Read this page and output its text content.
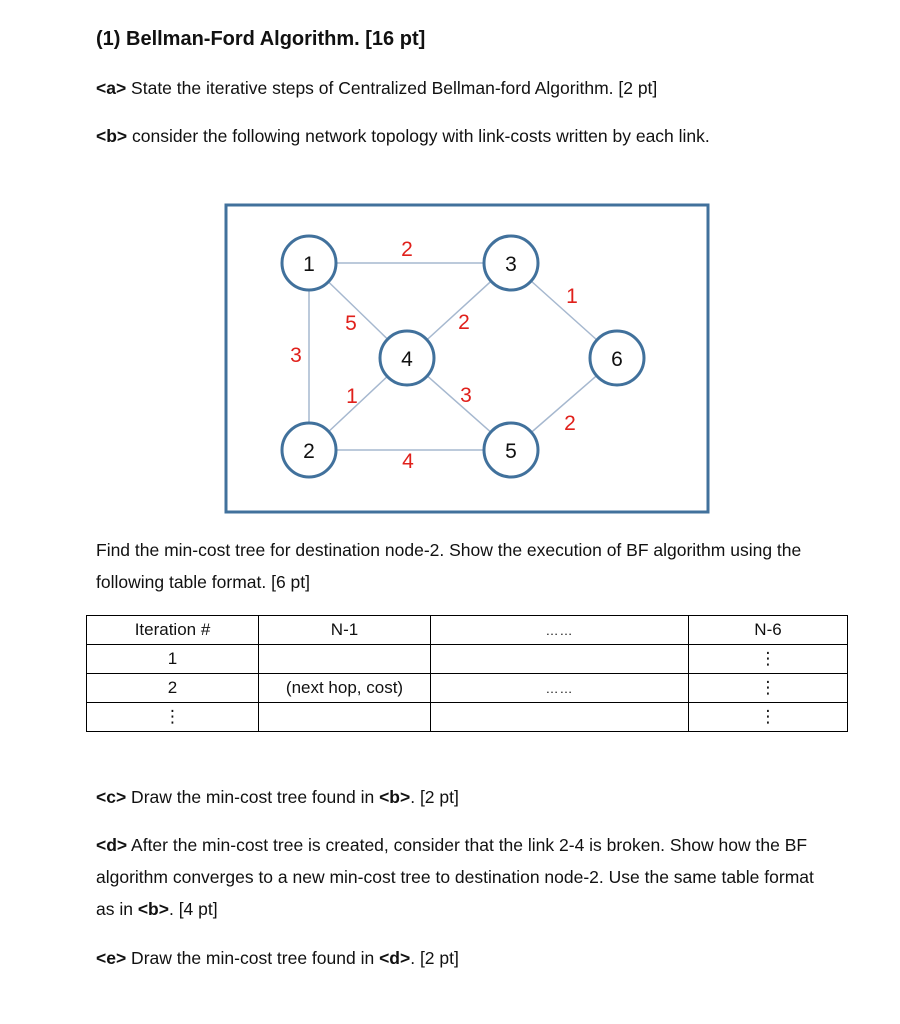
(1) Bellman-Ford Algorithm. [16 pt]
<a> State the iterative steps of Centralized Bellman-ford Algorithm. [2 pt]
<b> consider the following network topology with link-costs written by each link.
2
5	2
1
3
1	3
2
4
1	3
4	6
2	5
Find the min-cost tree for destination node-2. Show the execution of BF algorithm using the following table format. [6 pt]
Iteration #	N-1	……	N-6
1			⋮
2	(next hop, cost)	……	⋮
⋮			⋮
<c> Draw the min-cost tree found in <b>. [2 pt]
<d> After the min-cost tree is created, consider that the link 2-4 is broken. Show how the BF algorithm converges to a new min-cost tree to destination node-2. Use the same table format as in <b>. [4 pt]
<e> Draw the min-cost tree found in <d>. [2 pt]
